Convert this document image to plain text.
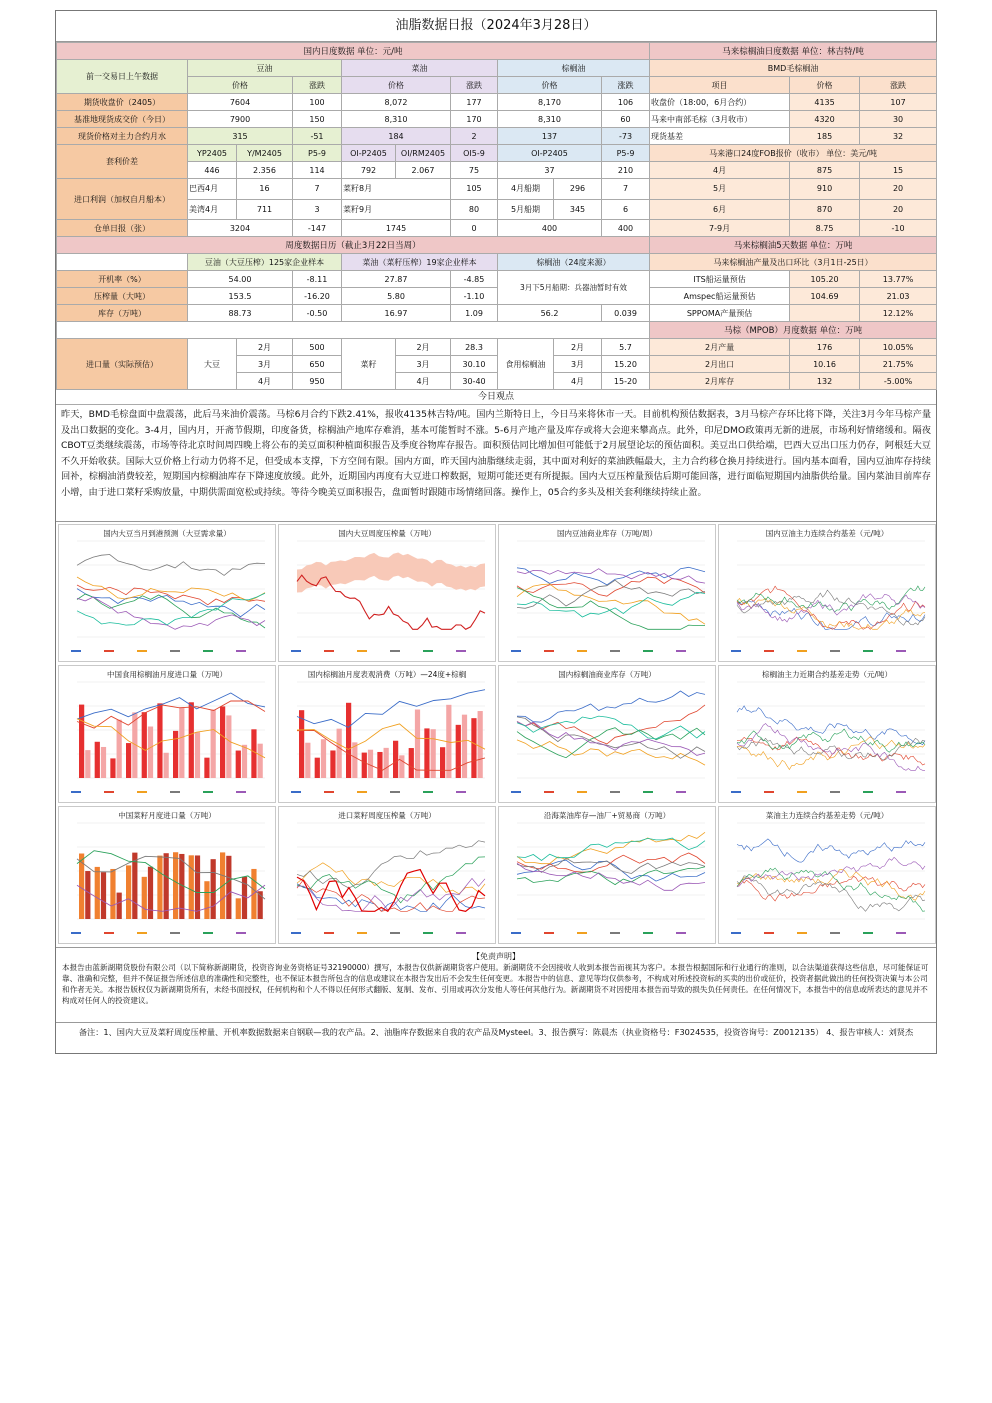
油脂数据日报（2024年3月28日）
国内日度数据 单位：元/吨										马来棕榈油日度数据 单位：林吉特/吨		
前一交易日上午数据	豆油			菜油			棕榈油			BMD毛棕榈油		
	价格		涨跌	价格		涨跌	价格		涨跌	项目	价格	涨跌
期货收盘价（2405）	7604		100	8,072		177	8,170		106	收盘价（18:00，6月合约）	4135	107
基准地现货成交价（今日）	7900		150	8,310		170	8,310		60	马来中南部毛棕（3月收市）	4320	30
现货价格对主力合约月水	315		-51	184		2	137		-73	现货基差	185	32
套利价差	YP2405	Y/M2405	P5-9	OI-P2405	OI/RM2405	OI5-9	OI-P2405		P5-9	马来港口24度FOB报价（收市） 单位：美元/吨		
	446	2.356	114	792	2.067	75	37		210	4月	875	15
进口利润（加权自月船本）	巴西4月	16	7	菜籽8月		105	4月船期	296	7	5月	910	20
	美湾4月	711	3	菜籽9月		80	5月船期	345	6	6月	870	20
仓单日报（张）	3204		-147	1745		0	400		400	7-9月	8.75	-10
周度数据日历（截止3月22日当周）										马来棕榈油5天数据 单位：万吨		
	豆油（大豆压榨）125家企业样本			菜油（菜籽压榨）19家企业样本			棕榈油（24度来源）			马来棕榈油产量及出口环比（3月1日-25日）		
开机率（%）	54.00		-8.11	27.87		-4.85	3月下5月船期：兵器油暂时有效			ITS船运量预估	105.20	13.77%
压榨量（大吨）	153.5		-16.20	5.80		-1.10				Amspec船运量预估	104.69	21.03
库存（万吨）	88.73		-0.50	16.97		1.09	56.2		0.039	SPPOMA产量预估		12.12%
										马棕（MPOB）月度数据 单位：万吨		
进口量（实际预估）	大豆	2月	500	菜籽	2月	28.3	食用棕榈油	2月	5.7	2月产量	176	10.05%
		3月	650		3月	30.10		3月	15.20	2月出口	10.16	21.75%
		4月	950		4月	30-40		4月	15-20	2月库存	132	-5.00%
今日观点
昨天，BMD毛棕盘面中盘震荡，此后马来油价震荡。马棕6月合约下跌2.41%，报收4135林吉特/吨。国内兰斯特日上，今日马来将休市一天。目前机构预估数据表，3月马棕产存环比将下降，关注3月今年马棕产量及出口数据的变化。3-4月，国内月，开斋节假期，印度备货，棕榈油产地库存难消，基本可能暂时不涨。5-6月产地产量及库存或将大会迎来攀高点。此外，印尼DMO政策再无新的进展，市场利好情绪缓和。隔夜CBOT豆类继续震荡，市场等待北京时间周四晚上将公布的美豆面积种植面积报告及季度谷物库存报告。面积预估同比增加但可能低于2月展望论坛的预估面积。美豆出口供给端，巴西大豆出口压力仍存，阿根廷大豆不久开始收获。国际大豆价格上行动力仍将不足，但受成本支撑，下方空间有限。国内方面，昨天国内油脂继续走弱，其中面对利好的菜油跌幅最大，主力合约移仓换月持续进行。国内基本面看，国内豆油库存持续回补，棕榈油消费较差，短期国内棕榈油库存下降速度放缓。此外，近期国内再度有大豆进口榨数据，短期可能还更有所提振。国内大豆压榨量预估后期可能回落，进行面临短期国内油脂供给量。国内菜油目前库存小增，由于进口菜籽采购放量，中期供需面宽松或持续。等待今晚美豆面积报告，盘面暂时跟随市场情绪回落。操作上，05合约多头及相关套利继续持续止盈。
国内大豆当月到港预测（大豆需求量）	国内大豆周度压榨量（万吨）	国内豆油商业库存（万吨/周）	国内豆油主力连续合约基差（元/吨）
中国食用棕榈油月度进口量（万吨）	国内棕榈油月度表观消费（万吨）—24度+棕榈	国内棕榈油商业库存（万吨）	棕榈油主力近期合约基差走势（元/吨）
中国菜籽月度进口量（万吨）	进口菜籽周度压榨量（万吨）	沿海菜油库存—油厂+贸易商（万吨）	菜油主力连续合约基差走势（元/吨）
【免责声明】
本报告由蓝新湖期货股份有限公司（以下简称新湖期货，投资咨询业务资格证号32190000）撰写，本报告仅供新湖期货客户使用。新湖期货不会因接收人收到本报告而视其为客户。本报告根据国际和行业通行的准则，以合法渠道获得这些信息，尽可能保证可靠、准确和完整，但并不保证报告所述信息的准确性和完整性，也不保证本报告所包含的信息或建议在本报告发出后不会发生任何变更。本报告中的信息、意见等均仅供参考，不构成对所述投资标的买卖的出价或征价，投资者据此做出的任何投资决策与本公司和作者无关。本报告版权仅为新湖期货所有，未经书面授权，任何机构和个人不得以任何形式翻版、复制、发布、引用或再次分发他人等任何其他行为。新湖期货不对因使用本报告而导致的损失负任何责任。在任何情况下，本报告中的信息或所表达的意见并不构成对任何人的投资建议。
备注：1、国内大豆及菜籽周度压榨量、开机率数据数据来自钢联—我的农产品。2、油脂库存数据来自我的农产品及Mysteel。3、报告撰写：陈晨杰（执业资格号：F3024535，投资咨询号：Z0012135） 4、报告审核人：刘贤杰
